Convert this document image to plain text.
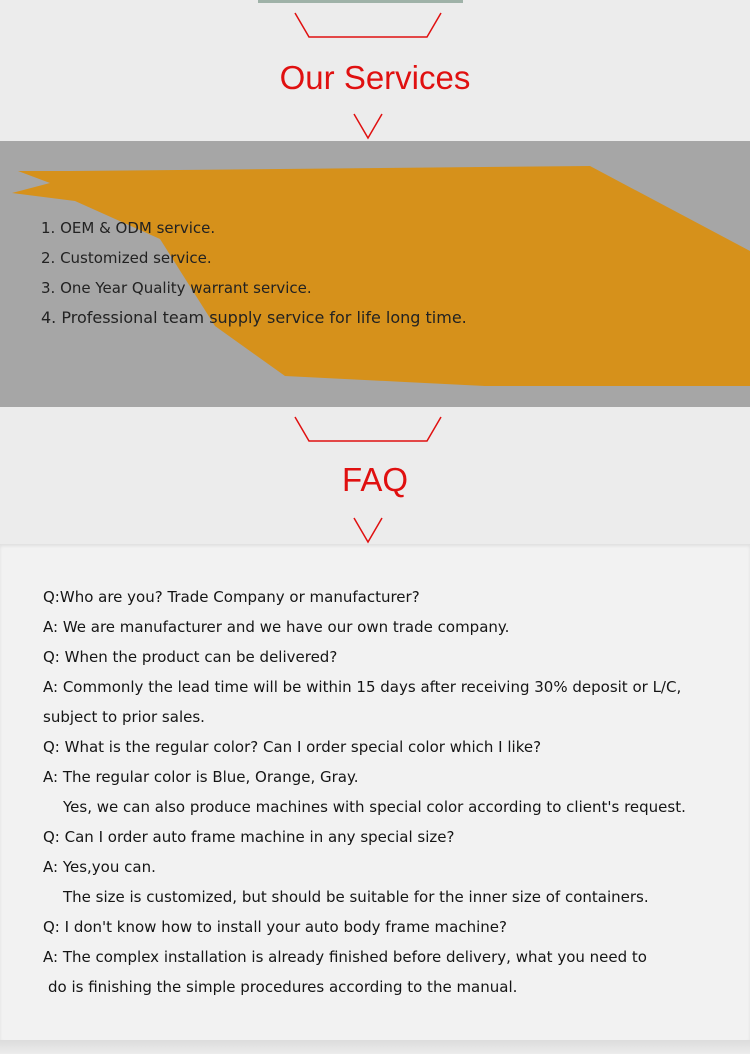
Our Services
1. OEM & ODM service.
2. Customized service.
3. One Year Quality warrant service.
4. Professional team supply service for life long time.
FAQ
Q:Who are you? Trade Company or manufacturer?
A: We are manufacturer and we have our own trade company.
Q: When the product can be delivered?
A: Commonly the lead time will be within 15 days after receiving 30% deposit or L/C,
subject to prior sales.
Q: What is the regular color? Can I order special color which I like?
A: The regular color is Blue, Orange, Gray.
Yes, we can also produce machines with special color according to client's request.
Q: Can I order auto frame machine in any special size?
A: Yes,you can.
The size is customized, but should be suitable for the inner size of containers.
Q: I don't know how to install your auto body frame machine?
A: The complex installation is already finished before delivery, what you need to
do is finishing the simple procedures according to the manual.
